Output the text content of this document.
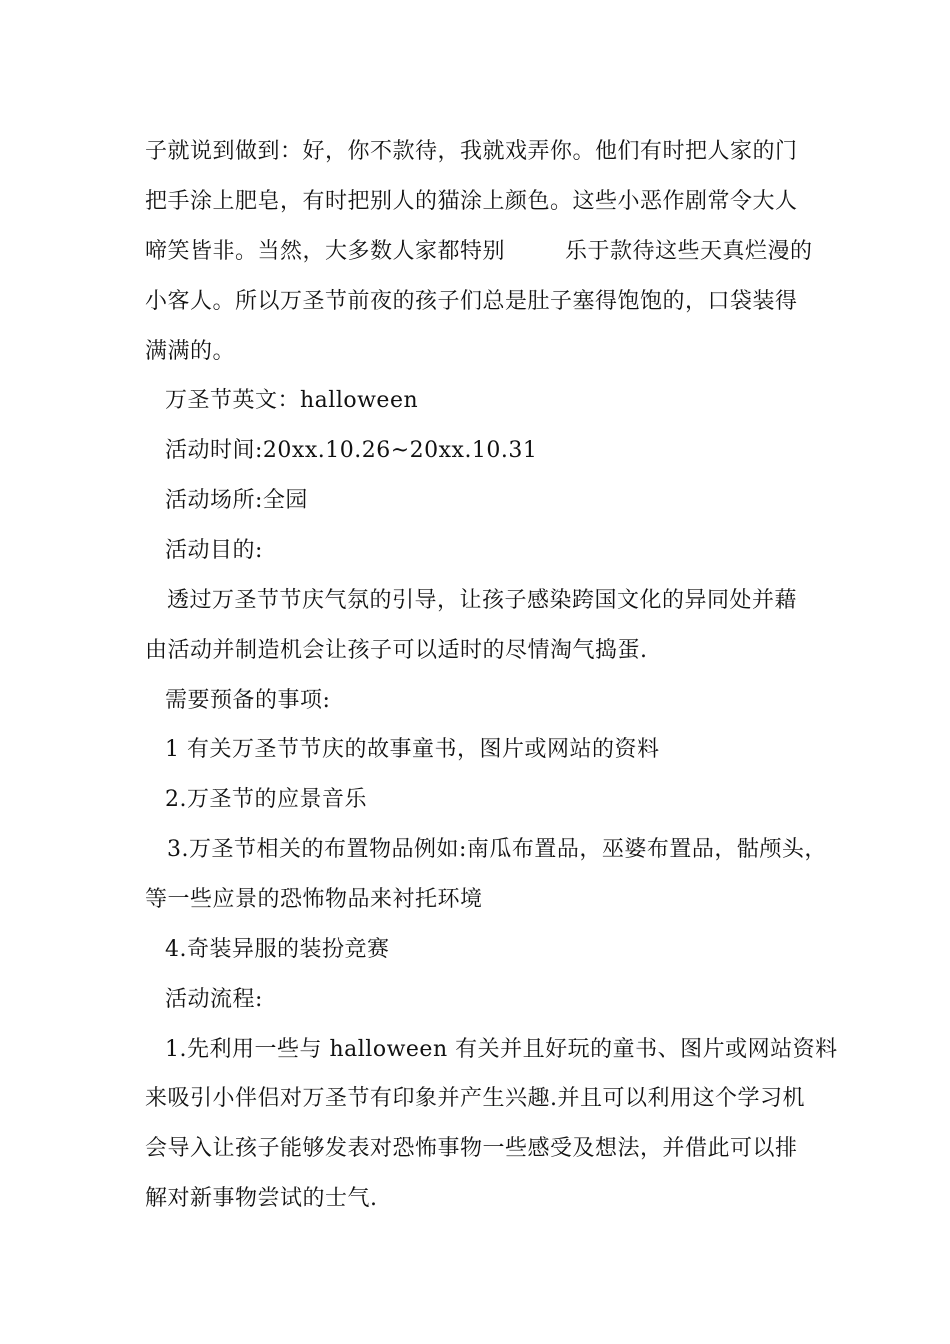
子就说到做到：好，你不款待，我就戏弄你。他们有时把人家的门
把手涂上肥皂，有时把别人的猫涂上颜色。这些小恶作剧常令大人
啼笑皆非。当然，大多数人家都特别        乐于款待这些天真烂漫的
小客人。所以万圣节前夜的孩子们总是肚子塞得饱饱的，口袋装得
满满的。
万圣节英文：halloween
活动时间:20xx.10.26~20xx.10.31
活动场所:全园
活动目的:
透过万圣节节庆气氛的引导，让孩子感染跨国文化的异同处并藉
由活动并制造机会让孩子可以适时的尽情淘气捣蛋.
需要预备的事项:
1 有关万圣节节庆的故事童书，图片或网站的资料
2.万圣节的应景音乐
3.万圣节相关的布置物品例如:南瓜布置品，巫婆布置品，骷颅头，
等一些应景的恐怖物品来衬托环境
4.奇装异服的装扮竞赛
活动流程:
1.先利用一些与 halloween 有关并且好玩的童书、图片或网站资料
来吸引小伴侣对万圣节有印象并产生兴趣.并且可以利用这个学习机
会导入让孩子能够发表对恐怖事物一些感受及想法，并借此可以排
解对新事物尝试的士气.
